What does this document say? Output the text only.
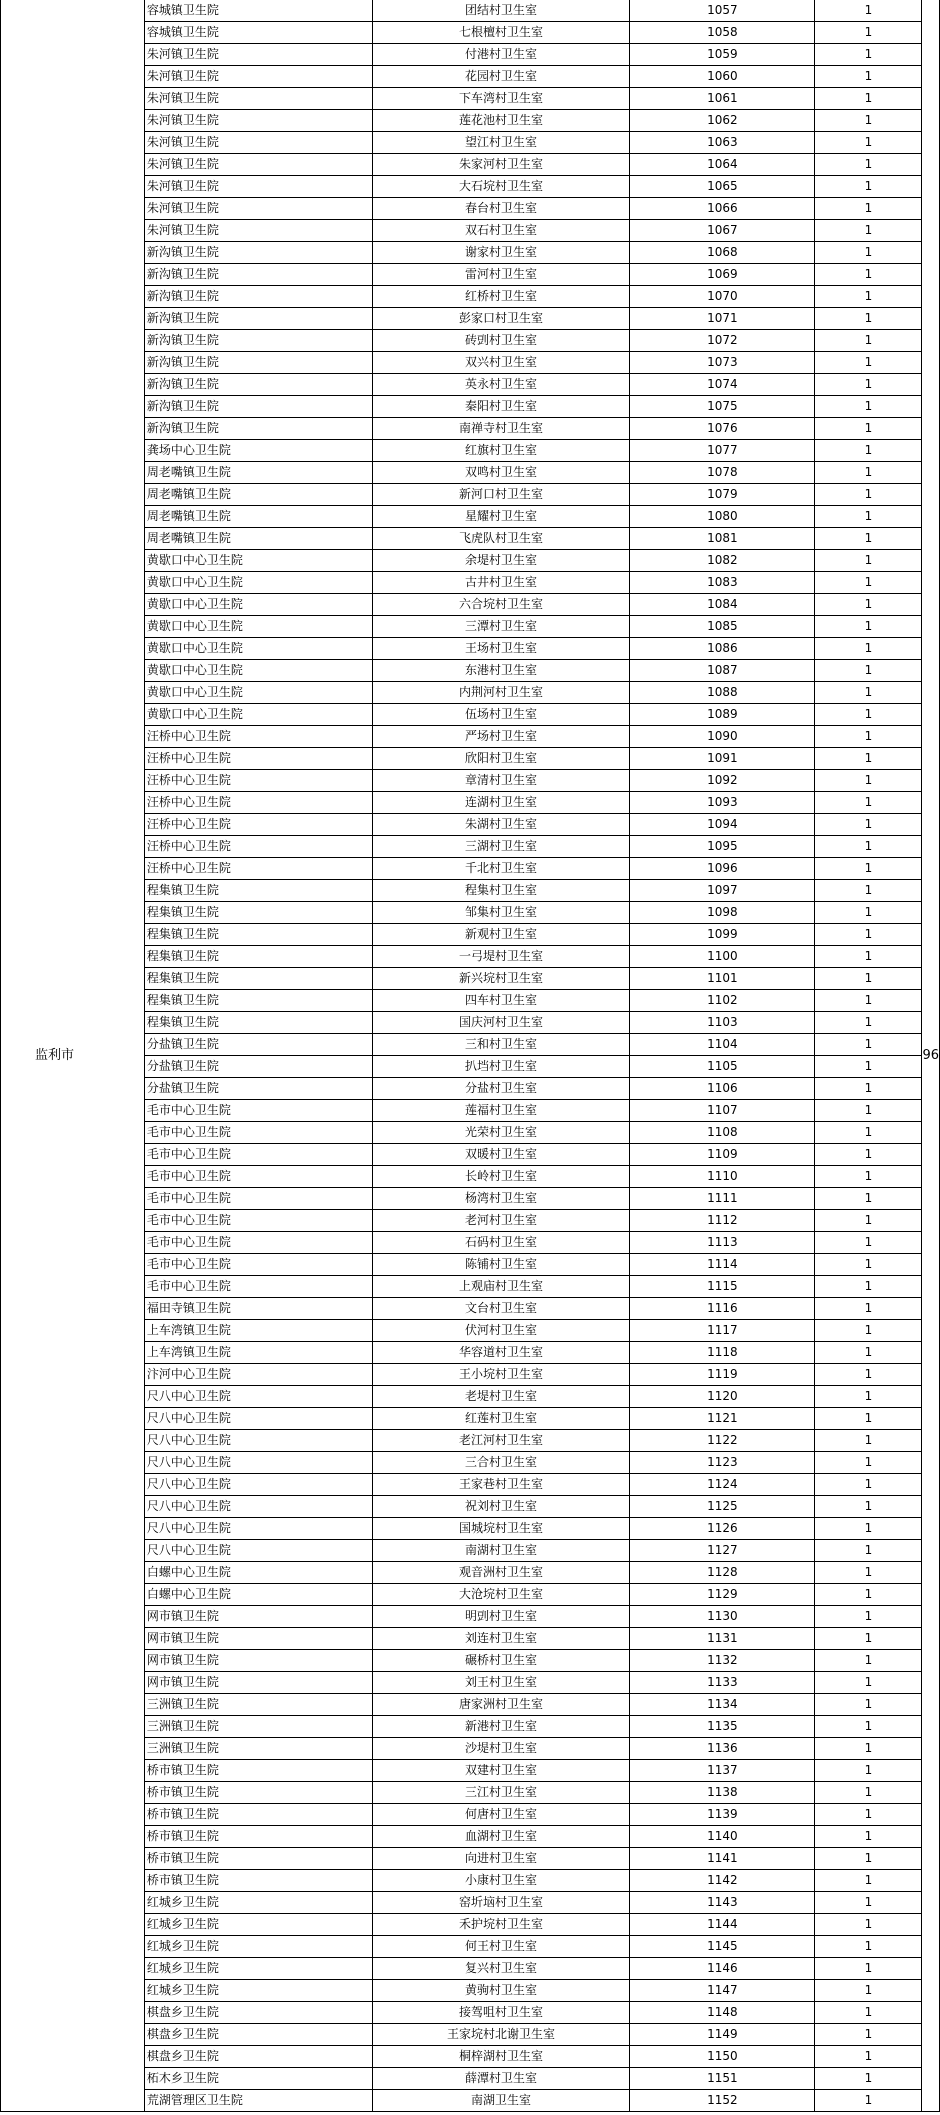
监利市	容城镇卫生院	团结村卫生室	1057	1	96
	容城镇卫生院	七根檀村卫生室	1058	1	
	朱河镇卫生院	付港村卫生室	1059	1	
	朱河镇卫生院	花园村卫生室	1060	1	
	朱河镇卫生院	下车湾村卫生室	1061	1	
	朱河镇卫生院	莲花池村卫生室	1062	1	
	朱河镇卫生院	望江村卫生室	1063	1	
	朱河镇卫生院	朱家河村卫生室	1064	1	
	朱河镇卫生院	大石垸村卫生室	1065	1	
	朱河镇卫生院	春台村卫生室	1066	1	
	朱河镇卫生院	双石村卫生室	1067	1	
	新沟镇卫生院	谢家村卫生室	1068	1	
	新沟镇卫生院	雷河村卫生室	1069	1	
	新沟镇卫生院	红桥村卫生室	1070	1	
	新沟镇卫生院	彭家口村卫生室	1071	1	
	新沟镇卫生院	砖剅村卫生室	1072	1	
	新沟镇卫生院	双兴村卫生室	1073	1	
	新沟镇卫生院	英永村卫生室	1074	1	
	新沟镇卫生院	秦阳村卫生室	1075	1	
	新沟镇卫生院	南禅寺村卫生室	1076	1	
	龚场中心卫生院	红旗村卫生室	1077	1	
	周老嘴镇卫生院	双鸣村卫生室	1078	1	
	周老嘴镇卫生院	新河口村卫生室	1079	1	
	周老嘴镇卫生院	星耀村卫生室	1080	1	
	周老嘴镇卫生院	飞虎队村卫生室	1081	1	
	黄歇口中心卫生院	余堤村卫生室	1082	1	
	黄歇口中心卫生院	古井村卫生室	1083	1	
	黄歇口中心卫生院	六合垸村卫生室	1084	1	
	黄歇口中心卫生院	三潭村卫生室	1085	1	
	黄歇口中心卫生院	王场村卫生室	1086	1	
	黄歇口中心卫生院	东港村卫生室	1087	1	
	黄歇口中心卫生院	内荆河村卫生室	1088	1	
	黄歇口中心卫生院	伍场村卫生室	1089	1	
	汪桥中心卫生院	严场村卫生室	1090	1	
	汪桥中心卫生院	欣阳村卫生室	1091	1	
	汪桥中心卫生院	章清村卫生室	1092	1	
	汪桥中心卫生院	连湖村卫生室	1093	1	
	汪桥中心卫生院	朱湖村卫生室	1094	1	
	汪桥中心卫生院	三湖村卫生室	1095	1	
	汪桥中心卫生院	千北村卫生室	1096	1	
	程集镇卫生院	程集村卫生室	1097	1	
	程集镇卫生院	邹集村卫生室	1098	1	
	程集镇卫生院	新观村卫生室	1099	1	
	程集镇卫生院	一弓堤村卫生室	1100	1	
	程集镇卫生院	新兴垸村卫生室	1101	1	
	程集镇卫生院	四车村卫生室	1102	1	
	程集镇卫生院	国庆河村卫生室	1103	1	
	分盐镇卫生院	三和村卫生室	1104	1	
	分盐镇卫生院	扒垱村卫生室	1105	1	
	分盐镇卫生院	分盐村卫生室	1106	1	
	毛市中心卫生院	莲福村卫生室	1107	1	
	毛市中心卫生院	光荣村卫生室	1108	1	
	毛市中心卫生院	双暖村卫生室	1109	1	
	毛市中心卫生院	长岭村卫生室	1110	1	
	毛市中心卫生院	杨湾村卫生室	1111	1	
	毛市中心卫生院	老河村卫生室	1112	1	
	毛市中心卫生院	石码村卫生室	1113	1	
	毛市中心卫生院	陈铺村卫生室	1114	1	
	毛市中心卫生院	上观庙村卫生室	1115	1	
	福田寺镇卫生院	文台村卫生室	1116	1	
	上车湾镇卫生院	伏河村卫生室	1117	1	
	上车湾镇卫生院	华容道村卫生室	1118	1	
	汴河中心卫生院	王小垸村卫生室	1119	1	
	尺八中心卫生院	老堤村卫生室	1120	1	
	尺八中心卫生院	红莲村卫生室	1121	1	
	尺八中心卫生院	老江河村卫生室	1122	1	
	尺八中心卫生院	三合村卫生室	1123	1	
	尺八中心卫生院	王家巷村卫生室	1124	1	
	尺八中心卫生院	祝刘村卫生室	1125	1	
	尺八中心卫生院	国城垸村卫生室	1126	1	
	尺八中心卫生院	南湖村卫生室	1127	1	
	白螺中心卫生院	观音洲村卫生室	1128	1	
	白螺中心卫生院	大沧垸村卫生室	1129	1	
	网市镇卫生院	明剅村卫生室	1130	1	
	网市镇卫生院	刘连村卫生室	1131	1	
	网市镇卫生院	碾桥村卫生室	1132	1	
	网市镇卫生院	刘王村卫生室	1133	1	
	三洲镇卫生院	唐家洲村卫生室	1134	1	
	三洲镇卫生院	新港村卫生室	1135	1	
	三洲镇卫生院	沙堤村卫生室	1136	1	
	桥市镇卫生院	双建村卫生室	1137	1	
	桥市镇卫生院	三江村卫生室	1138	1	
	桥市镇卫生院	何唐村卫生室	1139	1	
	桥市镇卫生院	血湖村卫生室	1140	1	
	桥市镇卫生院	向进村卫生室	1141	1	
	桥市镇卫生院	小康村卫生室	1142	1	
	红城乡卫生院	窑圻垴村卫生室	1143	1	
	红城乡卫生院	禾护垸村卫生室	1144	1	
	红城乡卫生院	何王村卫生室	1145	1	
	红城乡卫生院	复兴村卫生室	1146	1	
	红城乡卫生院	黄驹村卫生室	1147	1	
	棋盘乡卫生院	接驾咀村卫生室	1148	1	
	棋盘乡卫生院	王家垸村北谢卫生室	1149	1	
	棋盘乡卫生院	桐梓湖村卫生室	1150	1	
	柘木乡卫生院	薛潭村卫生室	1151	1	
	荒湖管理区卫生院	南湖卫生室	1152	1	
